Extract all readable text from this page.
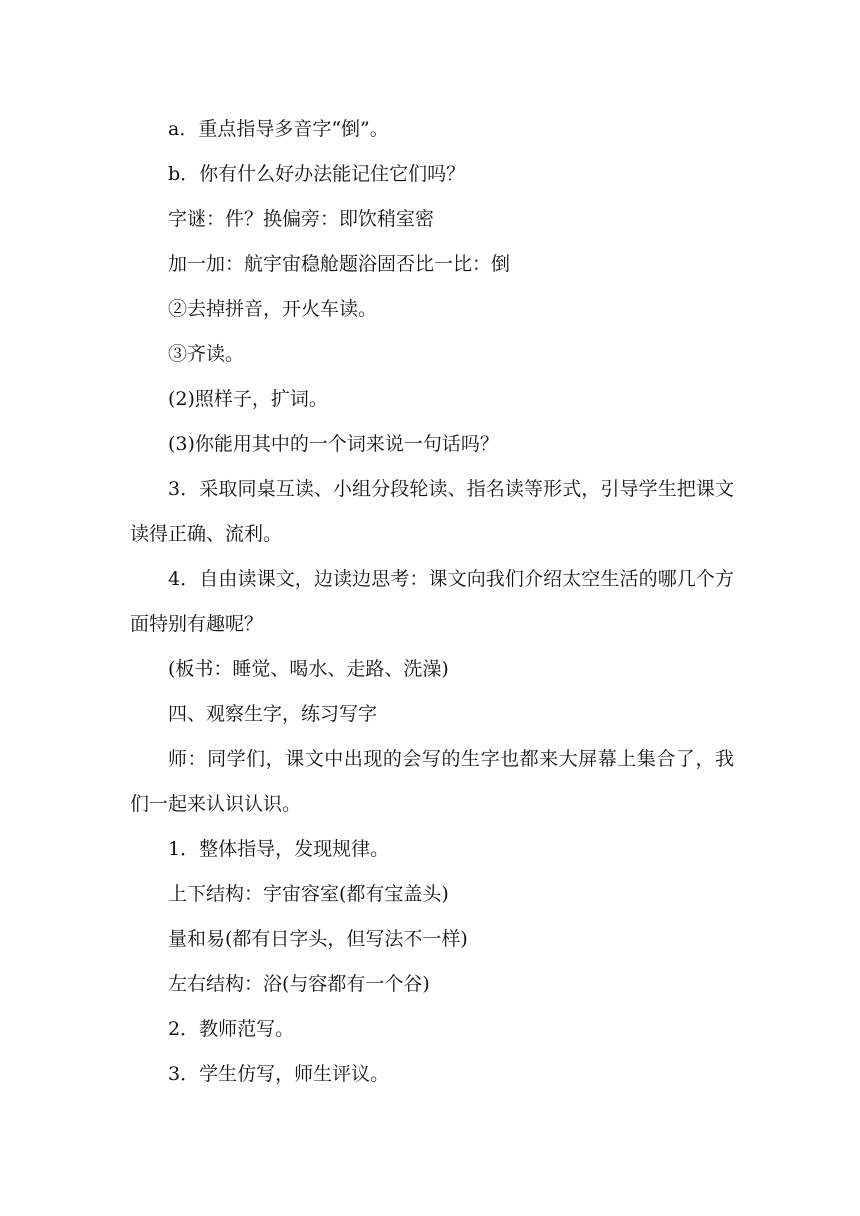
a．重点指导多音字“倒”。

b．你有什么好办法能记住它们吗？

字谜：件？换偏旁：即饮稍室密

加一加：航宇宙稳舱题浴固否比一比：倒

②去掉拼音，开火车读。

③齐读。

(2)照样子，扩词。

(3)你能用其中的一个词来说一句话吗？

3．采取同桌互读、小组分段轮读、指名读等形式，引导学生把课文读得正确、流利。

4．自由读课文，边读边思考：课文向我们介绍太空生活的哪几个方面特别有趣呢？

(板书：睡觉、喝水、走路、洗澡)

四、观察生字，练习写字

师：同学们，课文中出现的会写的生字也都来大屏幕上集合了，我们一起来认识认识。

1．整体指导，发现规律。

上下结构：宇宙容室(都有宝盖头)

量和易(都有日字头，但写法不一样)

左右结构：浴(与容都有一个谷)

2．教师范写。

3．学生仿写，师生评议。
